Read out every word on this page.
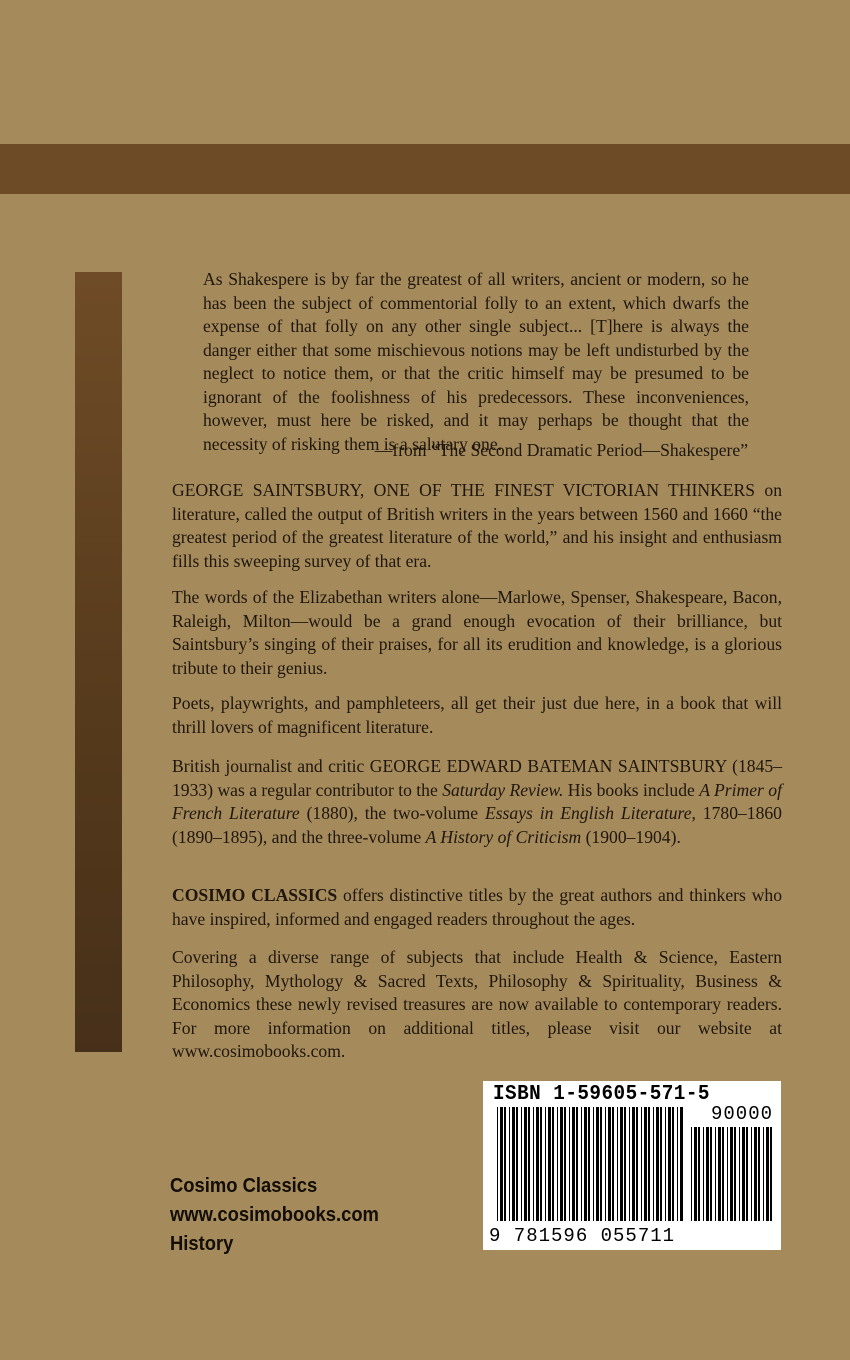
As Shakespere is by far the greatest of all writers, ancient or modern, so he has been the subject of commentorial folly to an extent, which dwarfs the expense of that folly on any other single subject... [T]here is always the danger either that some mischievous notions may be left undisturbed by the neglect to notice them, or that the critic himself may be presumed to be ignorant of the foolishness of his predecessors. These inconveniences, however, must here be risked, and it may perhaps be thought that the necessity of risking them is a salutary one.
—from “The Second Dramatic Period—Shakespere”
GEORGE SAINTSBURY, ONE OF THE FINEST VICTORIAN THINKERS on literature, called the output of British writers in the years between 1560 and 1660 “the greatest period of the greatest literature of the world,” and his insight and enthusiasm fills this sweeping survey of that era.
The words of the Elizabethan writers alone—Marlowe, Spenser, Shakespeare, Bacon, Raleigh, Milton—would be a grand enough evocation of their brilliance, but Saintsbury’s singing of their praises, for all its erudition and knowledge, is a glorious tribute to their genius.
Poets, playwrights, and pamphleteers, all get their just due here, in a book that will thrill lovers of magnificent literature.
British journalist and critic GEORGE EDWARD BATEMAN SAINTSBURY (1845–1933) was a regular contributor to the Saturday Review. His books include A Primer of French Literature (1880), the two-volume Essays in English Literature, 1780–1860 (1890–1895), and the three-volume A History of Criticism (1900–1904).
COSIMO CLASSICS offers distinctive titles by the great authors and thinkers who have inspired, informed and engaged readers throughout the ages.
Covering a diverse range of subjects that include Health & Science, Eastern Philosophy, Mythology & Sacred Texts, Philosophy & Spirituality, Business & Economics these newly revised treasures are now available to contemporary readers. For more information on additional titles, please visit our website at www.cosimobooks.com.
Cosimo Classics
www.cosimobooks.com
History
ISBN 1-59605-571-5
90000
9 781596 055711
